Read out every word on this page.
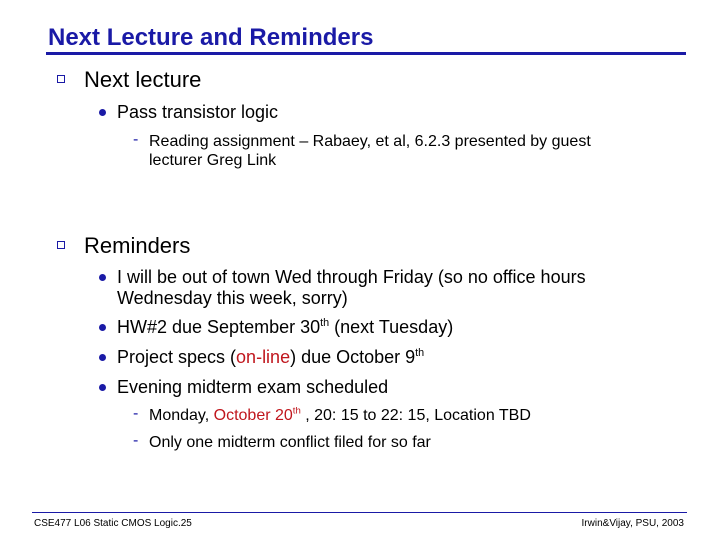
Next Lecture and Reminders
Next lecture
Pass transistor logic
- Reading assignment – Rabaey, et al, 6.2.3 presented by guest
lecturer Greg Link
Reminders
I will be out of town Wed through Friday (so no office hours
Wednesday this week, sorry)
HW#2 due September 30th (next Tuesday)
Project specs (on-line) due October 9th
Evening midterm exam scheduled
- Monday, October 20th , 20: 15 to 22: 15, Location TBD
- Only one midterm conflict filed for so far
CSE477 L06 Static CMOS Logic.25	Irwin&Vijay, PSU, 2003
